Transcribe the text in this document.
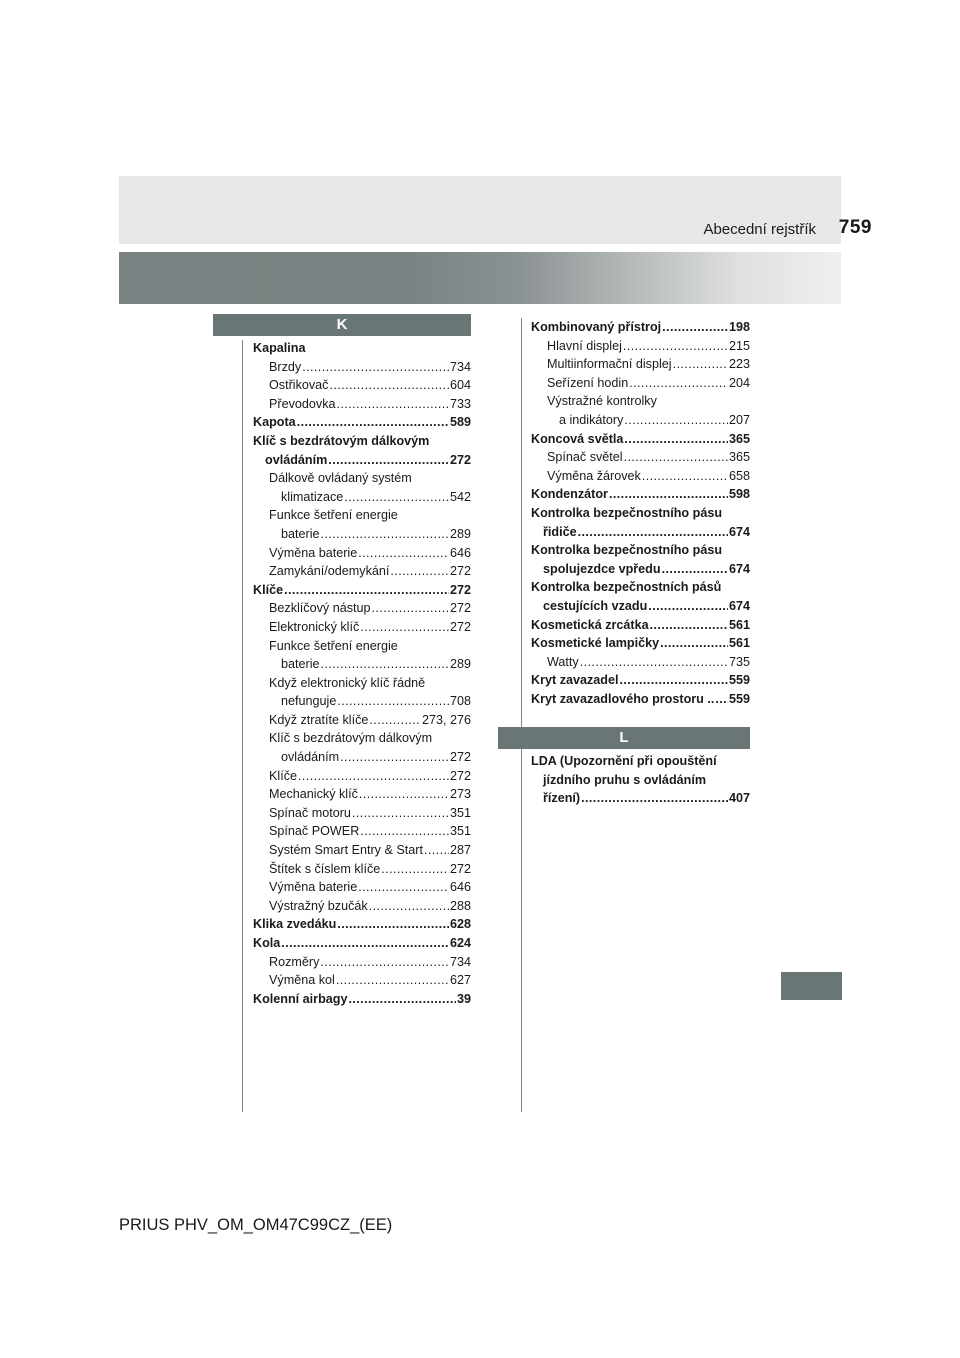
Abecední rejstřík 759
K
Kapalina
Brzdy .....	734
Ostřikovač .....	604
Převodovka .....	733
Kapota .....	589
Klíč s bezdrátovým dálkovým
ovládáním .....	272
Dálkově ovládaný systém
klimatizace .....	542
Funkce šetření energie
baterie .....	289
Výměna baterie .....	646
Zamykání/odemykání .....	272
Klíče .....	272
Bezklíčový nástup .....	272
Elektronický klíč .....	272
Funkce šetření energie
baterie .....	289
Když elektronický klíč řádně
nefunguje .....	708
Když ztratíte klíče .....	273, 276
Klíč s bezdrátovým dálkovým
ovládáním .....	272
Klíče .....	272
Mechanický klíč .....	273
Spínač motoru .....	351
Spínač POWER .....	351
Systém Smart Entry & Start ..... 287
Štítek s číslem klíče .....	272
Výměna baterie .....	646
Výstražný bzučák .....	288
Klika zvedáku .....	628
Kola .....	624
Rozměry .....	734
Výměna kol .....	627
Kolenní airbagy .....	39
Kombinovaný přístroj .....	198
Hlavní displej .....	215
Multiinformační displej .....	223
Seřízení hodin .....	204
Výstražné kontrolky
a indikátory .....	207
Koncová světla .....	365
Spínač světel .....	365
Výměna žárovek .....	658
Kondenzátor .....	598
Kontrolka bezpečnostního pásu
řidiče .....	674
Kontrolka bezpečnostního pásu
spolujezdce vpředu .....	674
Kontrolka bezpečnostních pásů
cestujících vzadu .....	674
Kosmetická zrcátka .....	561
Kosmetické lampičky .....	561
Watty .....	735
Kryt zavazadel .....	559
Kryt zavazadlového prostoru .. ..... 559
L
LDA (Upozornění při opouštění
jízdního pruhu s ovládáním
řízení) .....	407
PRIUS PHV_OM_OM47C99CZ_(EE)
